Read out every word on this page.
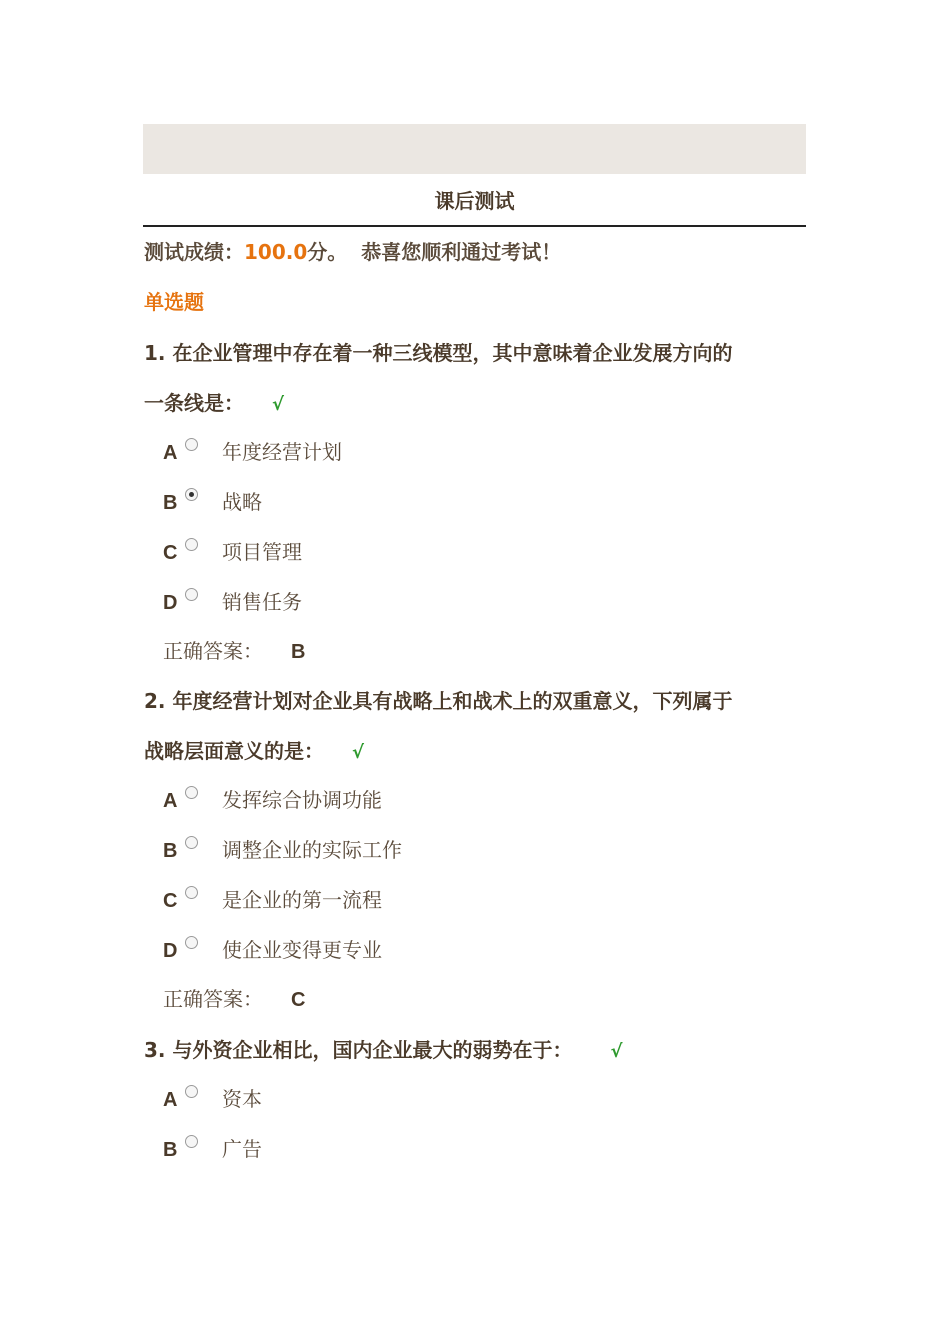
课后测试
测试成绩：100.0分。 恭喜您顺利通过考试！
单选题
1. 在企业管理中存在着一种三线模型，其中意味着企业发展方向的
一条线是： √
A 年度经营计划
B 战略
C 项目管理
D 销售任务
正确答案： B
2. 年度经营计划对企业具有战略上和战术上的双重意义，下列属于
战略层面意义的是： √
A 发挥综合协调功能
B 调整企业的实际工作
C 是企业的第一流程
D 使企业变得更专业
正确答案： C
3. 与外资企业相比，国内企业最大的弱势在于： √
A 资本
B 广告
